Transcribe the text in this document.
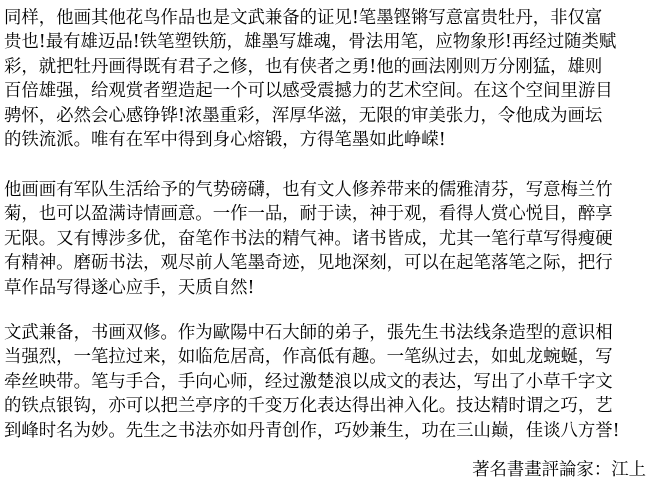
同样，他画其他花鸟作品也是文武兼备的证见!笔墨铿锵写意富贵牡丹，非仅富
贵也!最有雄迈品!铁笔塑铁筋，雄墨写雄魂，骨法用笔，应物象形!再经过随类赋
彩，就把牡丹画得既有君子之修，也有侠者之勇!他的画法刚则万分刚猛，雄则
百倍雄强，给观赏者塑造起一个可以感受震撼力的艺术空间。在这个空间里游目
骋怀，必然会心感铮铧!浓墨重彩，浑厚华滋，无限的审美张力，令他成为画坛
的铁流派。唯有在军中得到身心熔锻，方得笔墨如此峥嵘!

他画画有军队生活给予的气势磅礴，也有文人修养带来的儒雅清芬，写意梅兰竹
菊，也可以盈满诗情画意。一作一品，耐于读，神于观，看得人赏心悦目，醉享
无限。又有博涉多优，奋笔作书法的精气神。诸书皆成，尤其一笔行草写得瘦硬
有精神。磨砺书法，观尽前人笔墨奇迹，见地深刻，可以在起笔落笔之际，把行
草作品写得遂心应手，天质自然!

文武兼备，书画双修。作为歐陽中石大師的弟子，張先生书法线条造型的意识相
当强烈，一笔拉过来，如临危居高，作高低有趣。一笔纵过去，如虬龙蜿蜒，写
牵丝映带。笔与手合，手向心师，经过激楚浪以成文的表达，写出了小草千字文
的铁点银钩，亦可以把兰亭序的千变万化表达得出神入化。技达精时谓之巧，艺
到峰时名为妙。先生之书法亦如丹青创作，巧妙兼生，功在三山巅，佳谈八方誉!

著名書畫評論家：江上
